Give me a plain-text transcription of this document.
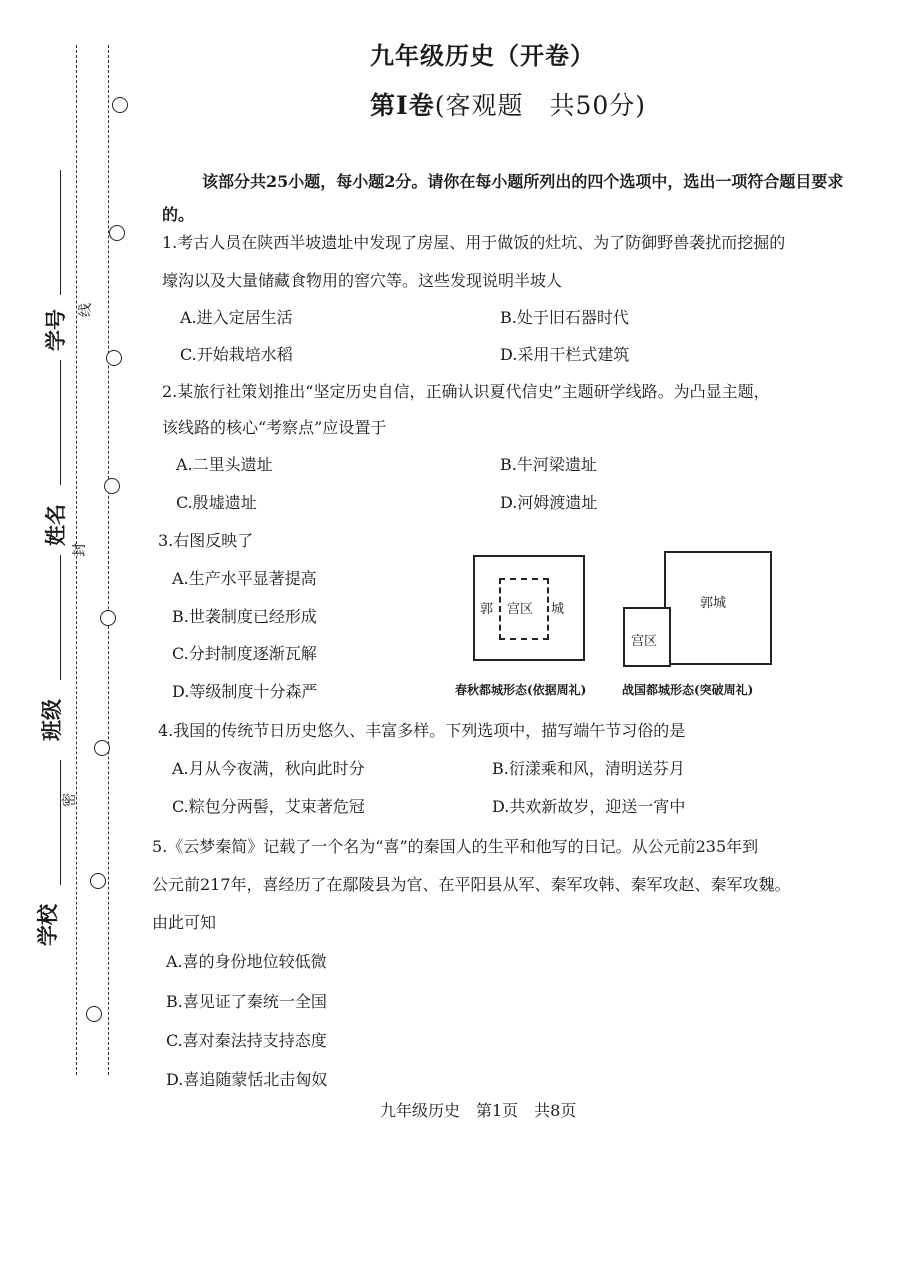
学号
姓名
班级
学校
线
封
密
九年级历史（开卷）
第Ⅰ卷(客观题　共50分)
该部分共25小题，每小题2分。请你在每小题所列出的四个选项中，选出一项符合题目要求的。
1.考古人员在陕西半坡遗址中发现了房屋、用于做饭的灶坑、为了防御野兽袭扰而挖掘的
壕沟以及大量储藏食物用的窖穴等。这些发现说明半坡人
A.进入定居生活	B.处于旧石器时代
C.开始栽培水稻	D.采用干栏式建筑
2.某旅行社策划推出“坚定历史自信，正确认识夏代信史”主题研学线路。为凸显主题，
该线路的核心“考察点”应设置于
A.二里头遗址	B.牛河梁遗址
C.殷墟遗址	D.河姆渡遗址
3.右图反映了
A.生产水平显著提高
B.世袭制度已经形成
C.分封制度逐渐瓦解
D.等级制度十分森严
郭	城
宫区
春秋都城形态(依据周礼)
郭城
宫区
战国都城形态(突破周礼)
4.我国的传统节日历史悠久、丰富多样。下列选项中，描写端午节习俗的是
A.月从今夜满，秋向此时分	B.衍漾乘和风，清明送芬月
C.粽包分两髻，艾束著危冠	D.共欢新故岁，迎送一宵中
5.《云梦秦简》记载了一个名为“喜”的秦国人的生平和他写的日记。从公元前235年到
公元前217年，喜经历了在鄢陵县为官、在平阳县从军、秦军攻韩、秦军攻赵、秦军攻魏。
由此可知
A.喜的身份地位较低微
B.喜见证了秦统一全国
C.喜对秦法持支持态度
D.喜追随蒙恬北击匈奴
九年级历史　第1页　共8页
